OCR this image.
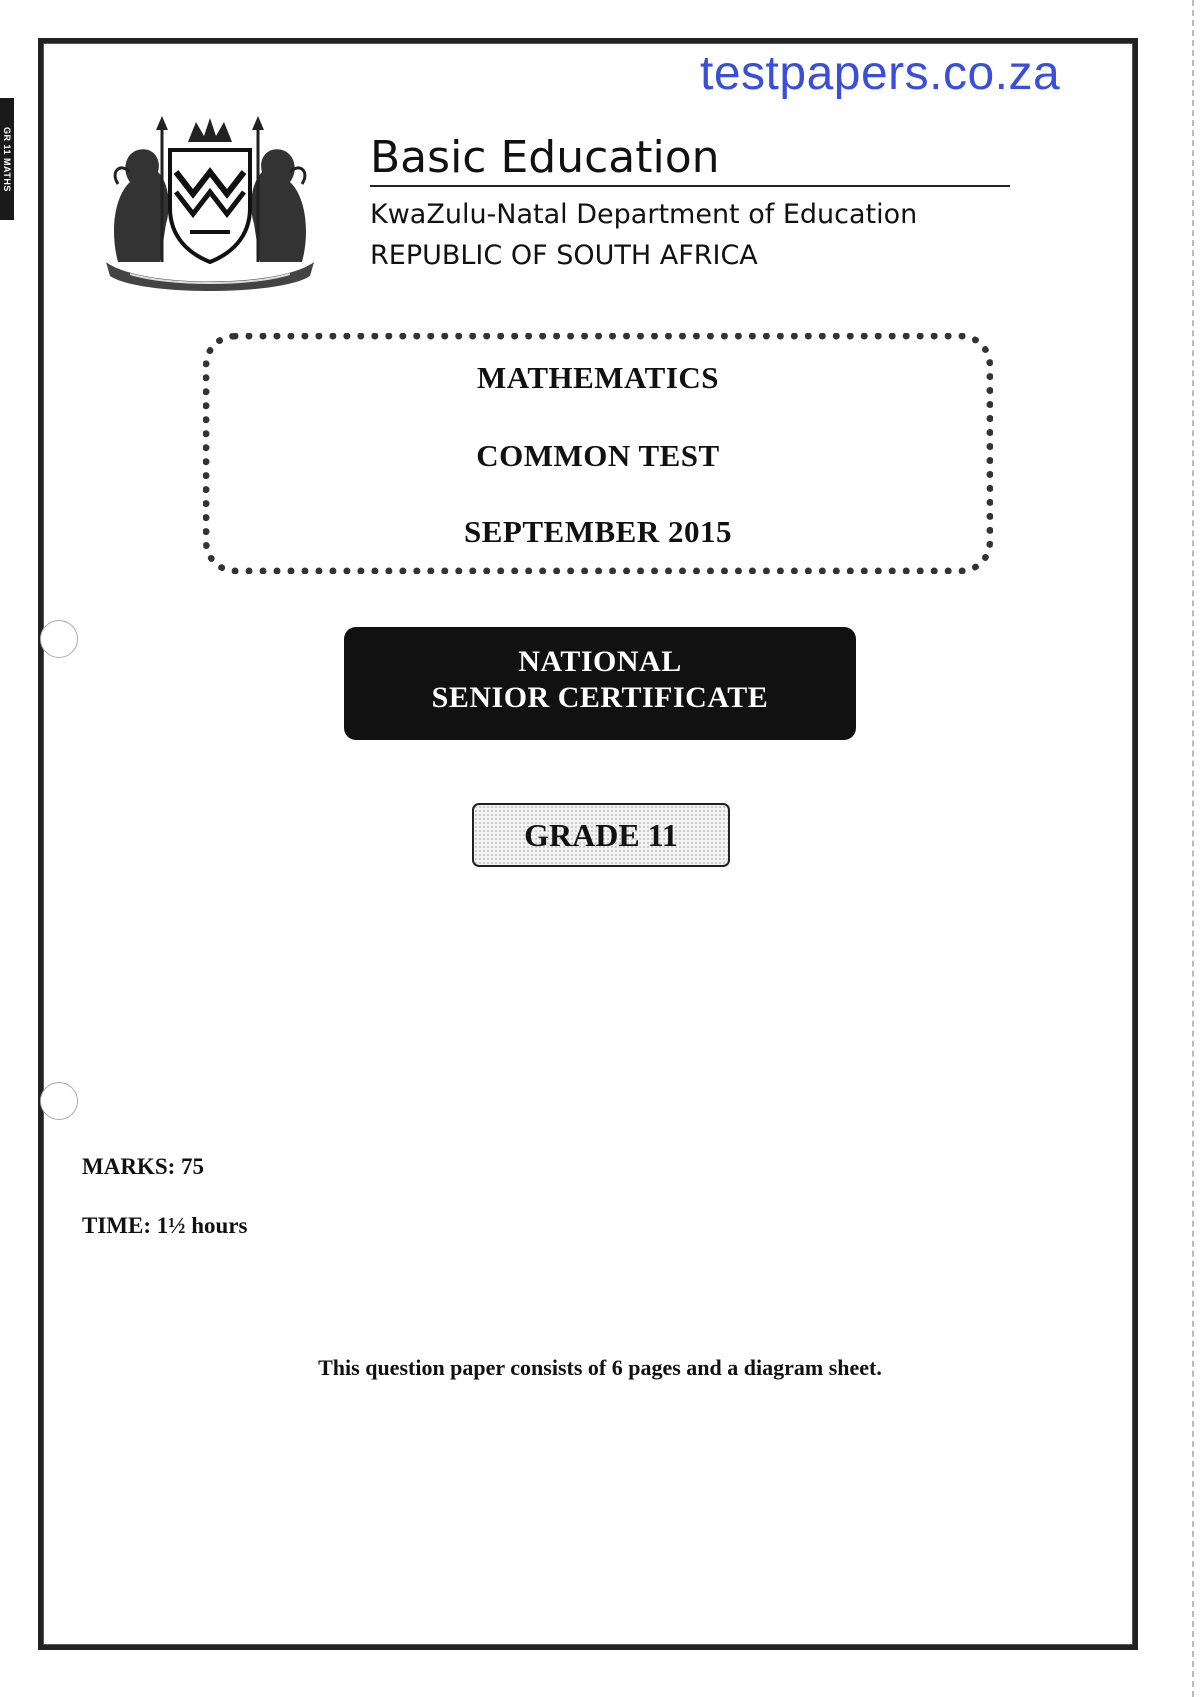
GR 11 MATHS
testpapers.co.za
Basic Education
KwaZulu-Natal Department of Education
REPUBLIC OF SOUTH AFRICA
MATHEMATICS
COMMON TEST
SEPTEMBER 2015
NATIONAL
SENIOR CERTIFICATE
GRADE 11
MARKS: 75
TIME: 1½ hours
This question paper consists of 6 pages and a diagram sheet.
